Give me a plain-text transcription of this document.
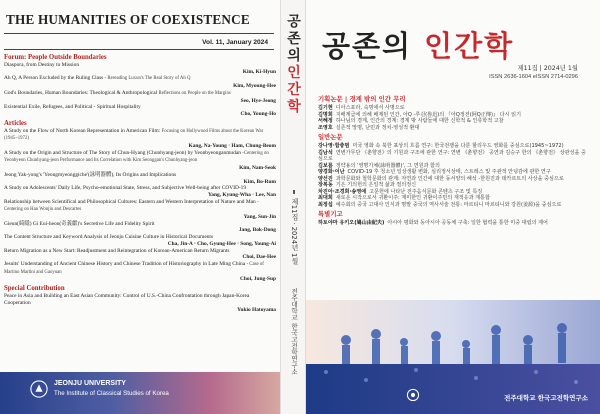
THE HUMANITIES OF COEXISTENCE
Vol. 11, January 2024
Forum: People Outside Boundaries
Diaspora, from Destiny to Mission
Kim, Ki-Hyun
Ah Q, A Person Excluded by the Ruling Class - Rereading Luxun's The Real Story of Ah Q
Kim, Myoung-Hee
God's Boundaries, Human Boundaries: Theological & Anthropological Reflections on People on the Margins
Seo, Hye-Jeong
Existential Exile, Refugees, and Political - Spiritual Hospitality
Cho, Young-Ho
Articles
A Study on the Flow of North Korean Representation in American Film: Focusing on Hollywood Films about the Korean War (1945~1972)
Kang, Na-Young · Ham, Chung-Beom
A Study on the Origin and Structure of The Story of Chun-Hyang (Chunhyang-jeon) by Yeonbyeonganmudan -Centering on Yeonbyeon Chunhyang-jeon Performance and Its Correlation with Kim Seonggan's Chunhyang-jeon
Kim, Nam-Seok
Jeong Yak-yong's 'Yeongmyeonggiche'(詠明器體), Its Origins and Implications
Kim, Bo-Rum
A Study on Adolescents' Daily Life, Psycho-emotional State, Stress, and Subjective Well-being after COVID-19
Yang, Kyung-Wha · Lee, Nan
Relationship between Scientifical and Philosophical Cultures: Eastern and Western Interpretation of Nature and Man - Centering on Han Wonjin and Descartes
Yang, Sun-Jin
Gieun(綺隱) Gi Eui-heon(奇義獻)'s Secretive Life and Fidelity Spirit
Jang, Bok-Dong
The Content Structure and Keyword Analysis of Jeonju Cuisine Culture in Historical Documents
Cha, Jin-A · Cho, Gyung-Hee · Song, Young-Ai
Return Migration as a New Start: Readjustment and Reintegration of Korean-American Return Migrants
Choi, Dae-Hee
Jesuits' Understanding of Ancient Chinese History and Chinese Tradition of Historiography in Late Ming China - Case of Martino Martini and Gaoyuan
Choi, Jung-Sup
Special Contribution
Peace in Asia and Building an East Asian Community: Control of U.S.-China Confrontation through Japan-Korea Cooperation
Yukio Hatoyama
JEONJU UNIVERSITY
The Institute of Classical Studies of Korea
공
존
의
인
간
학
제11집 · 2024년 1월
전주대학교 한국고전학연구소
공존의 인간학
제11집 | 2024년 1월
ISSN 2636-1604 eISSN 2714-0296
기획논문 | 경계 밖의 인간 무리
김기현 디아스포라, 숙명에서 사명으로
김명희 지배계급에 의해 배제된 인간, 아Q -루쉰(魯迅)의 『아Q정전(阿Q正傳)』 다시 읽기
서혜정 하나님의 경계, 인간의 경계: 경계 밖 사람들에 대한 신학적 & 인류학적 고찰
조영호 실존적 망명, 난민과 정치-영성적 환대
일반논문
강나영·함충범 미국 영화 속 북한 표상의 흐름 연구: 한국전쟁을 다룬 할리우드 영화를 중심으로(1945~1972)
김남석 연변가무단 《춘향전》의 기원과 구조에 관한 연구: 연변 《춘향전》 공연과 김승구 한의 《춘향전》 상관성을 중심으로
김보름 정약용의 '영명기체(詠明器體)', 그 연원과 함의
양경화·이난 COVID-19 후 청소년 일상생활 변화, 심리정서상태, 스트레스 및 주관적 안녕감에 관한 연구
양선진 과학문화와 철학문화의 관계: 자연과 인간에 대한 동서양의 해석 -한원진과 데카르트의 사상을 중심으로
장복동 기은 기의헌의 은일적 삶과 절의정신
차진아·조경희·송영애 고문헌에 나타난 전주음식문화 콘텐츠 구조 및 특징
최대희 새로운 시작으로서 귀환이주: 재미한인 귀환이주민의 재적응과 재통합
최정섭 예수회의 중국 고대사 인식과 명말 중국의 역사서술 전통: 마르티니 마르티니와 강원(姜源)을 중심으로
특별기고
하토야마 유키오(鳩山由紀夫) 아시아 평화와 동아시아 공동체 구축: 일한 협력을 통한 미중 대립의 제어
전주대학교 한국고전학연구소
